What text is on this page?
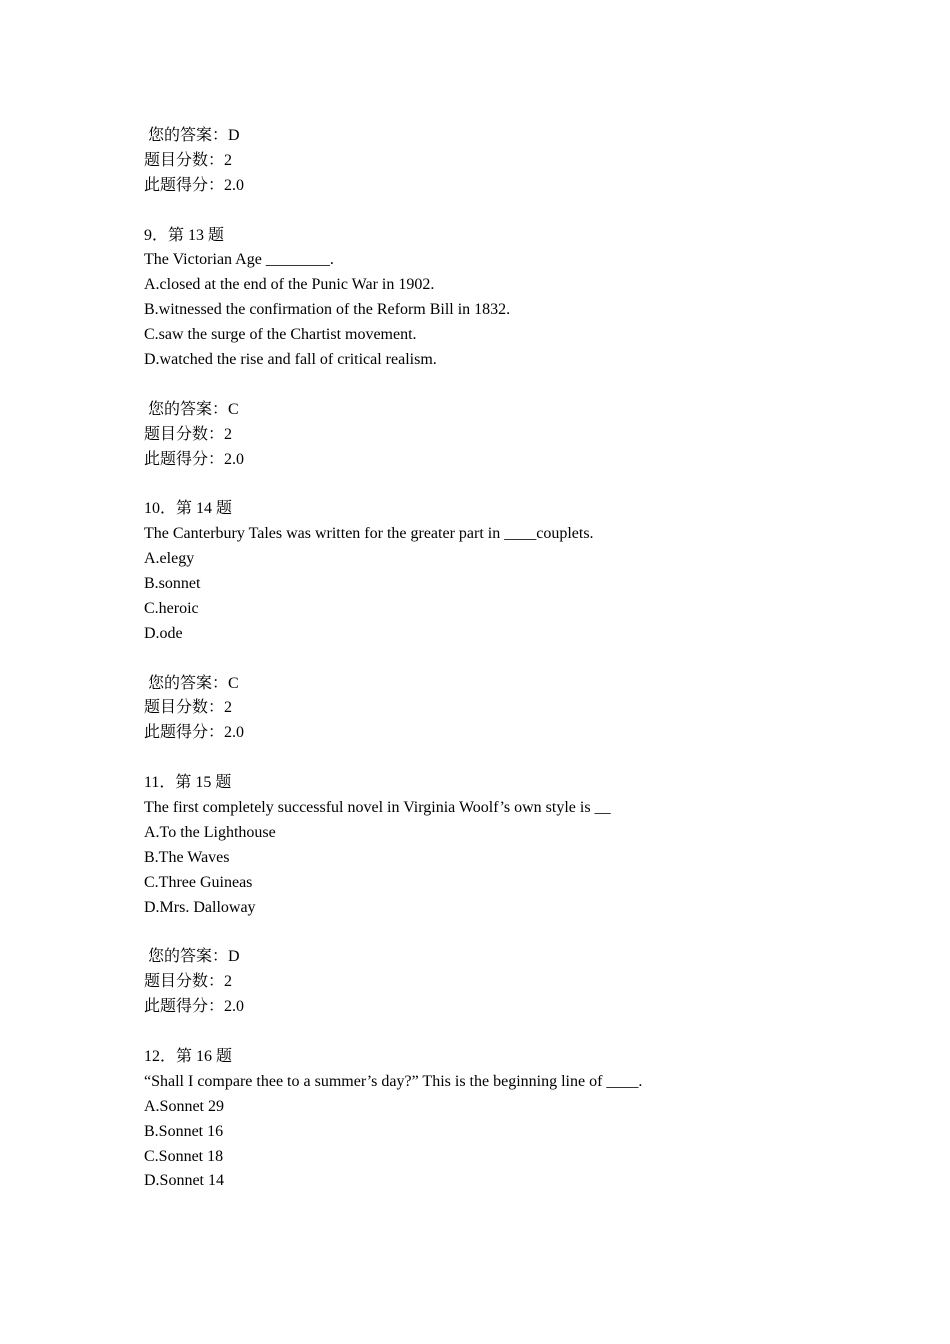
您的答案：D
题目分数：2
此题得分：2.0
9．第 13 题
The Victorian Age ________.
A.closed at the end of the Punic War in 1902.
B.witnessed the confirmation of the Reform Bill in 1832.
C.saw the surge of the Chartist movement.
D.watched the rise and fall of critical realism.
您的答案：C
题目分数：2
此题得分：2.0
10．第 14 题
The Canterbury Tales was written for the greater part in ____couplets.
A.elegy
B.sonnet
C.heroic
D.ode
您的答案：C
题目分数：2
此题得分：2.0
11．第 15 题
The first completely successful novel in Virginia Woolf’s own style is __
A.To the Lighthouse
B.The Waves
C.Three Guineas
D.Mrs. Dalloway
您的答案：D
题目分数：2
此题得分：2.0
12．第 16 题
“Shall I compare thee to a summer’s day?” This is the beginning line of ____.
A.Sonnet 29
B.Sonnet 16
C.Sonnet 18
D.Sonnet 14
